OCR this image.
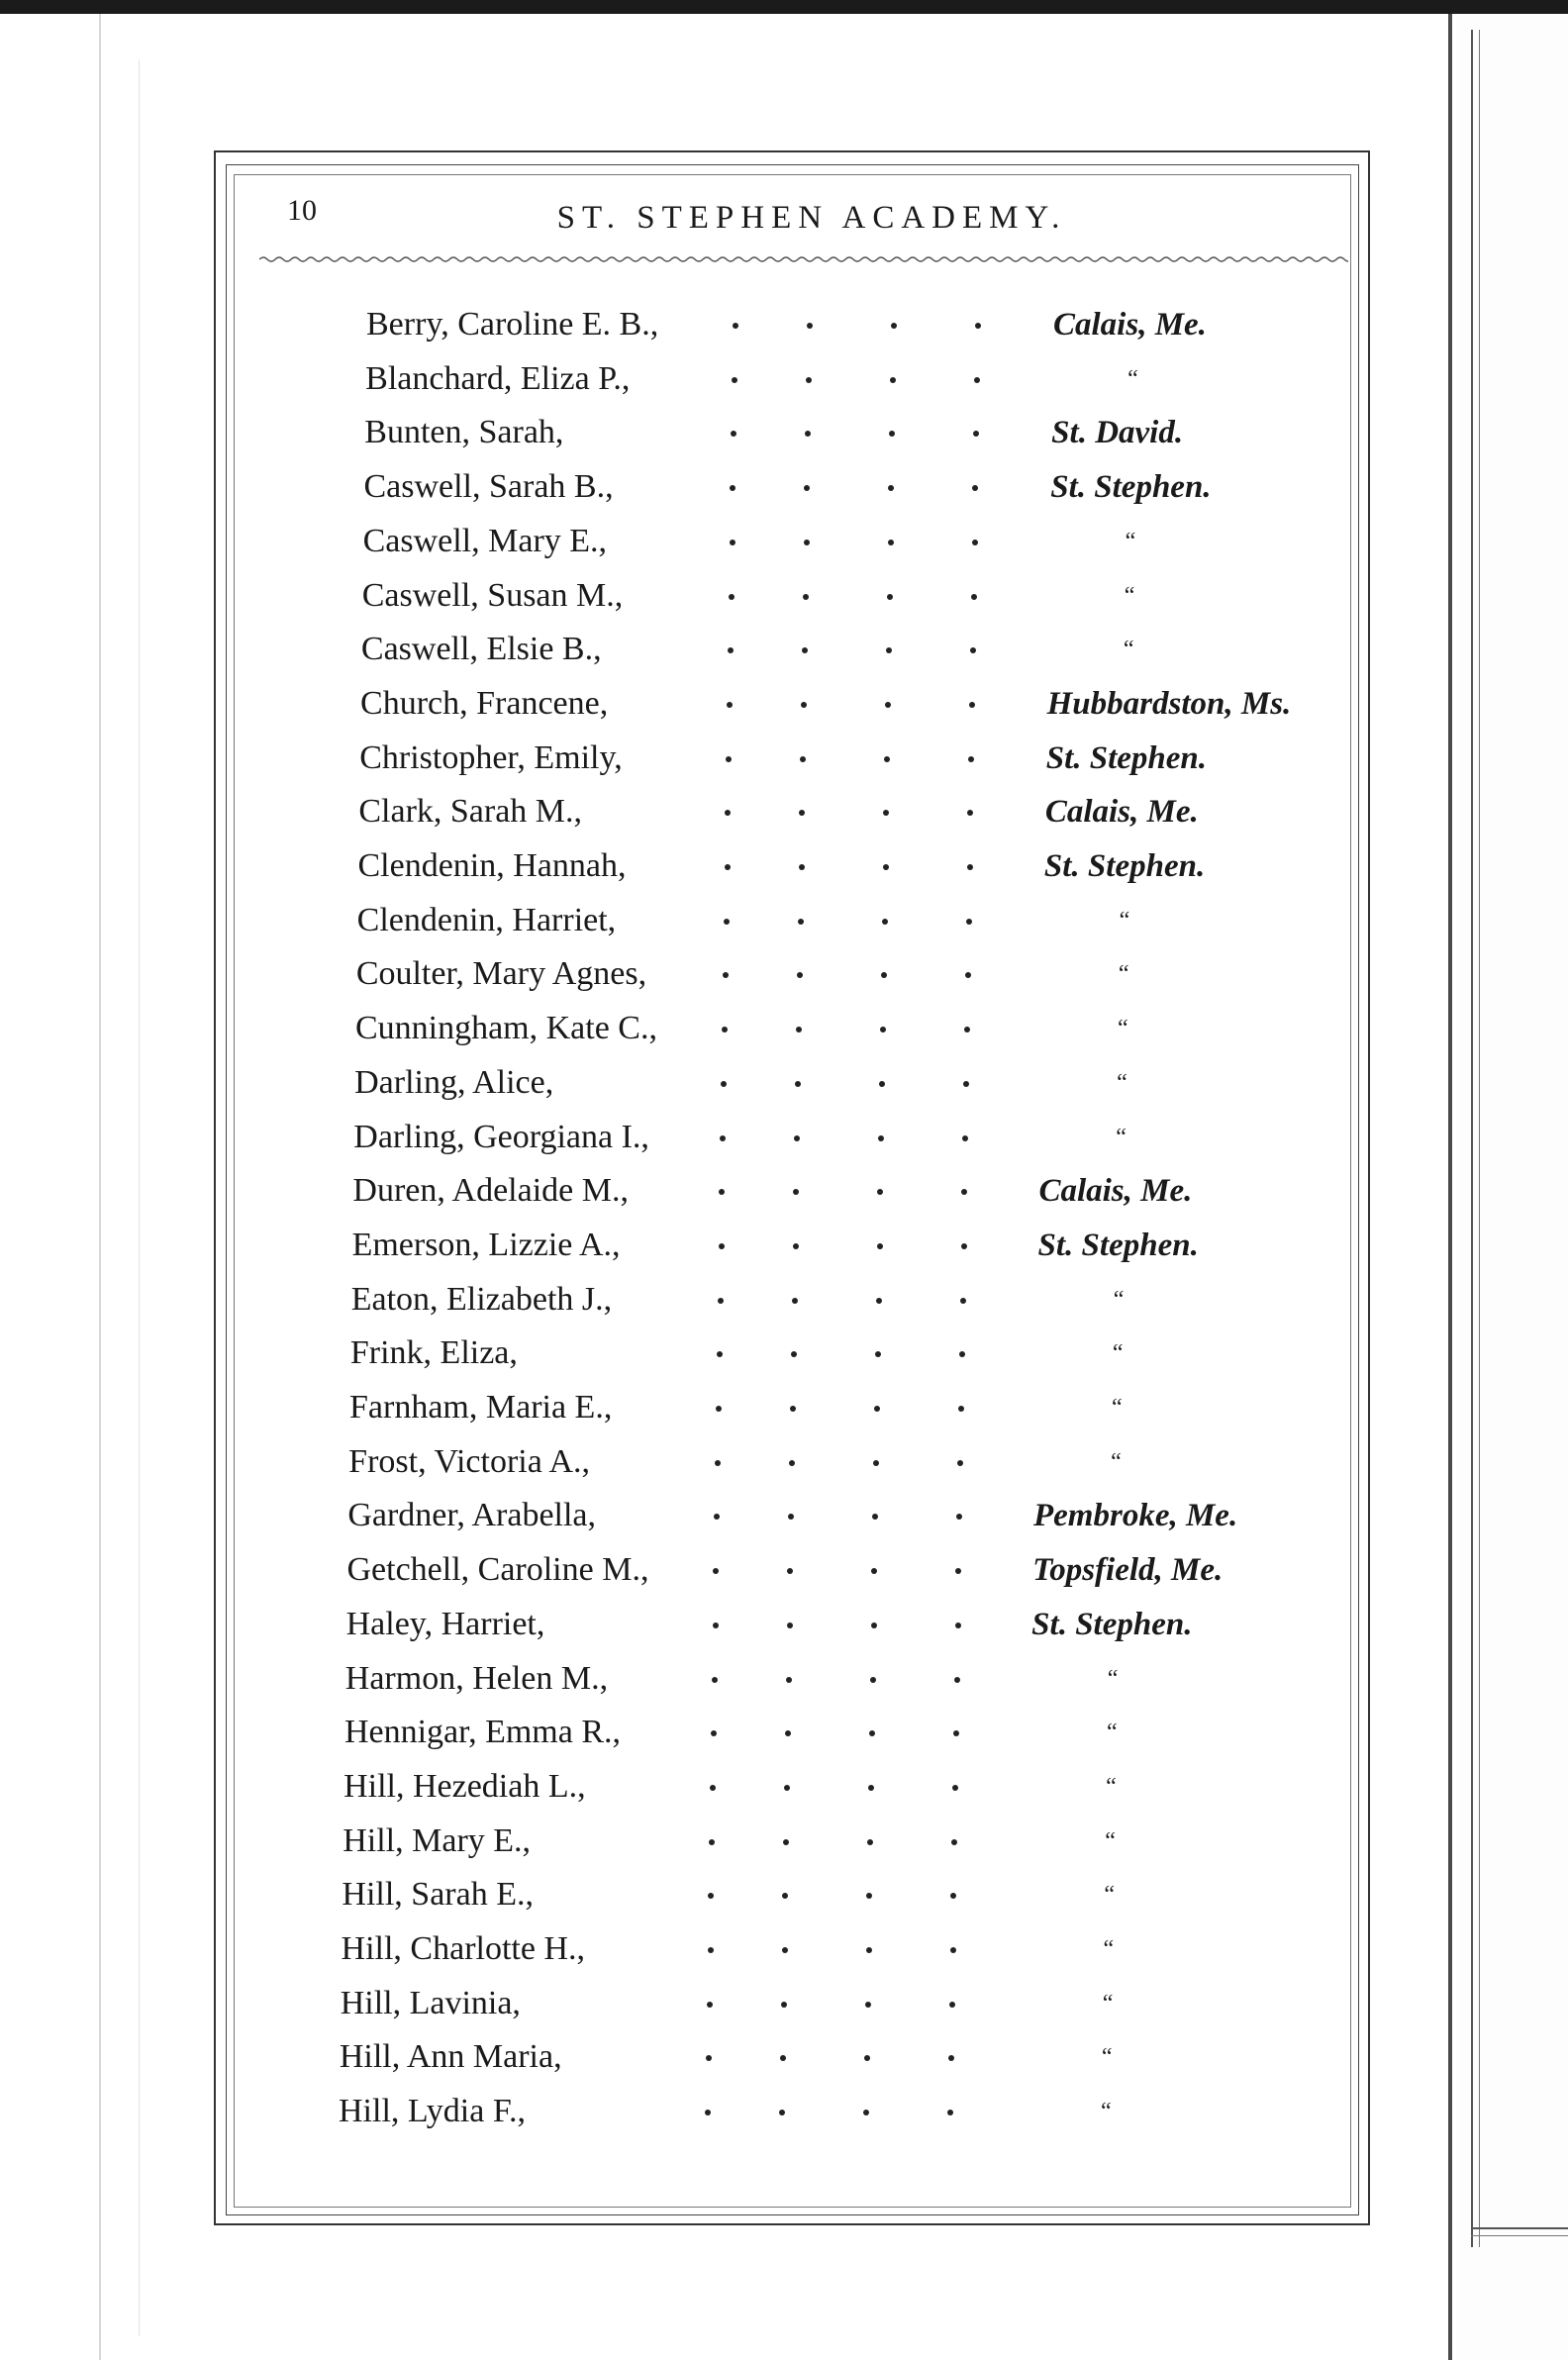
10	ST. STEPHEN ACADEMY.
Berry, Caroline E. B.,	Calais, Me.
Blanchard, Eliza P.,	“
Bunten, Sarah,	St. David.
Caswell, Sarah B.,	St. Stephen.
Caswell, Mary E.,	“
Caswell, Susan M.,	“
Caswell, Elsie B.,	“
Church, Francene,	Hubbardston, Ms.
Christopher, Emily,	St. Stephen.
Clark, Sarah M.,	Calais, Me.
Clendenin, Hannah,	St. Stephen.
Clendenin, Harriet,	“
Coulter, Mary Agnes,	“
Cunningham, Kate C.,	“
Darling, Alice,	“
Darling, Georgiana I.,	“
Duren, Adelaide M.,	Calais, Me.
Emerson, Lizzie A.,	St. Stephen.
Eaton, Elizabeth J.,	“
Frink, Eliza,	“
Farnham, Maria E.,	“
Frost, Victoria A.,	“
Gardner, Arabella,	Pembroke, Me.
Getchell, Caroline M.,	Topsfield, Me.
Haley, Harriet,	St. Stephen.
Harmon, Helen M.,	“
Hennigar, Emma R.,	“
Hill, Hezediah L.,	“
Hill, Mary E.,	“
Hill, Sarah E.,	“
Hill, Charlotte H.,	“
Hill, Lavinia,	“
Hill, Ann Maria,	“
Hill, Lydia F.,	“
